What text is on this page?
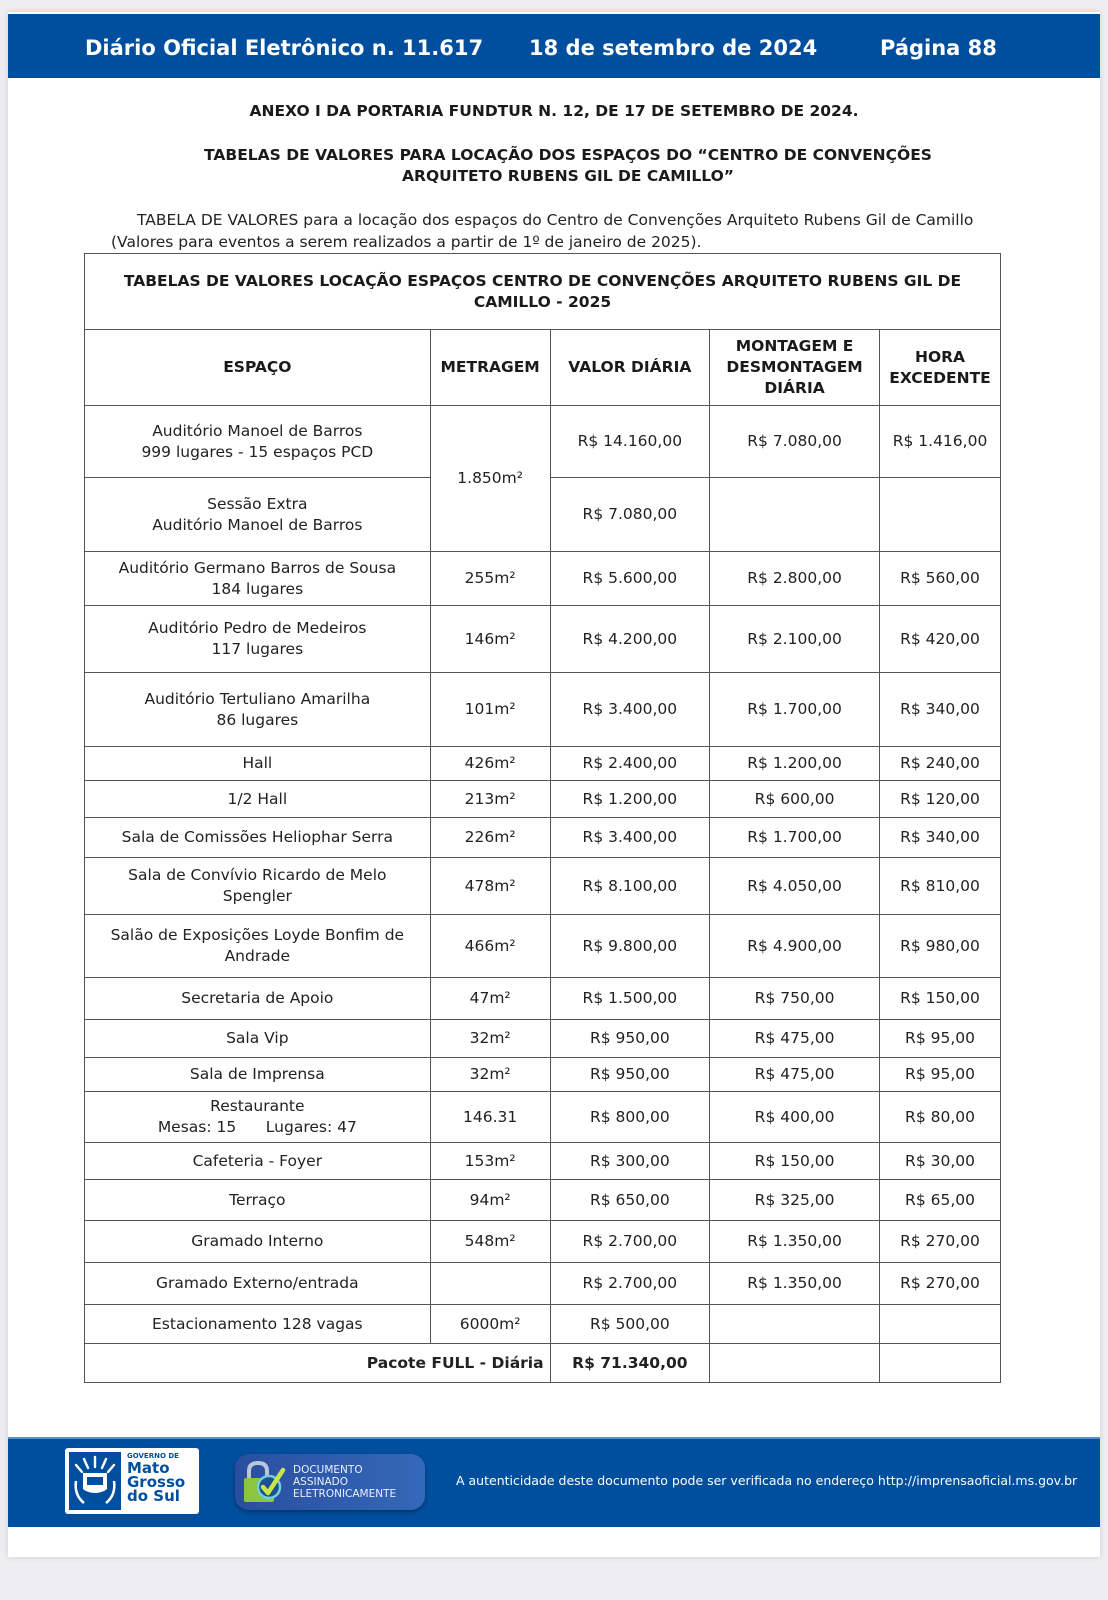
Diário Oficial Eletrônico n. 11.617 18 de setembro de 2024	Página 88
ANEXO I DA PORTARIA FUNDTUR N. 12, DE 17 DE SETEMBRO DE 2024.
TABELAS DE VALORES PARA LOCAÇÃO DOS ESPAÇOS DO “CENTRO DE CONVENÇÕES ARQUITETO RUBENS GIL DE CAMILLO”
TABELA DE VALORES para a locação dos espaços do Centro de Convenções Arquiteto Rubens Gil de Camillo (Valores para eventos a serem realizados a partir de 1º de janeiro de 2025).
TABELAS DE VALORES LOCAÇÃO ESPAÇOS CENTRO DE CONVENÇÕES ARQUITETO RUBENS GIL DE CAMILLO - 2025				
ESPAÇO	METRAGEM	VALOR DIÁRIA	MONTAGEM E DESMONTAGEM DIÁRIA	HORA EXCEDENTE

Auditório Manoel de Barros
999 lugares - 15 espaços PCD	1.850m²	R$ 14.160,00	R$ 7.080,00	R$ 1.416,00

Sessão Extra
Auditório Manoel de Barros		R$ 7.080,00		

Auditório Germano Barros de Sousa
184 lugares	255m²	R$ 5.600,00	R$ 2.800,00	R$ 560,00

Auditório Pedro de Medeiros
117 lugares	146m²	R$ 4.200,00	R$ 2.100,00	R$ 420,00

Auditório Tertuliano Amarilha
86 lugares	101m²	R$ 3.400,00	R$ 1.700,00	R$ 340,00

Hall	426m²	R$ 2.400,00	R$ 1.200,00	R$ 240,00

1/2 Hall	213m²	R$ 1.200,00	R$ 600,00	R$ 120,00

Sala de Comissões Heliophar Serra	226m²	R$ 3.400,00	R$ 1.700,00	R$ 340,00

Sala de Convívio Ricardo de Melo
Spengler	478m²	R$ 8.100,00	R$ 4.050,00	R$ 810,00

Salão de Exposições Loyde Bonfim de
Andrade	466m²	R$ 9.800,00	R$ 4.900,00	R$ 980,00

Secretaria de Apoio	47m²	R$ 1.500,00	R$ 750,00	R$ 150,00

Sala Vip	32m²	R$ 950,00	R$ 475,00	R$ 95,00

Sala de Imprensa	32m²	R$ 950,00	R$ 475,00	R$ 95,00

Restaurante
Mesas: 15      Lugares: 47	146.31	R$ 800,00	R$ 400,00	R$ 80,00

Cafeteria - Foyer	153m²	R$ 300,00	R$ 150,00	R$ 30,00

Terraço	94m²	R$ 650,00	R$ 325,00	R$ 65,00

Gramado Interno	548m²	R$ 2.700,00	R$ 1.350,00	R$ 270,00

Gramado Externo/entrada		R$ 2.700,00	R$ 1.350,00	R$ 270,00

Estacionamento 128 vagas	6000m²	R$ 500,00		
Pacote FULL - Diária		R$ 71.340,00		
GOVERNO DE
Mato
Grosso
do Sul
DOCUMENTO
ASSINADO
ELETRONICAMENTE
A autenticidade deste documento pode ser verificada no endereço http://imprensaoficial.ms.gov.br
